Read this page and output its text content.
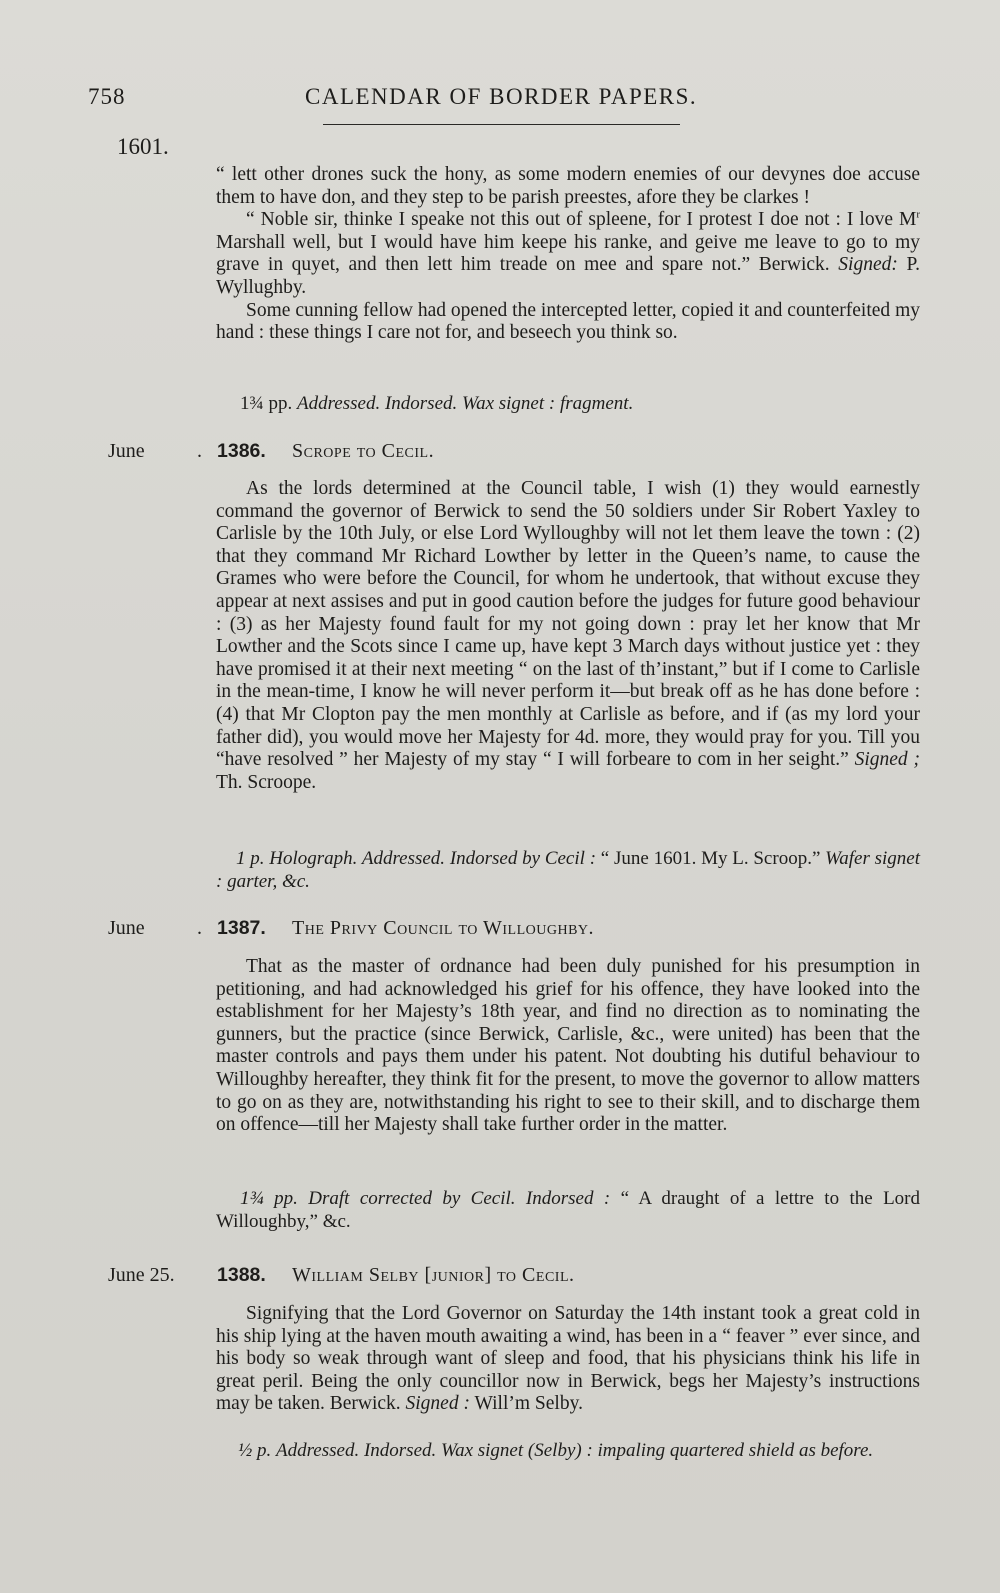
758	CALENDAR OF BORDER PAPERS.
1601.

“ lett other drones suck the hony, as some modern enemies of our devynes doe accuse them to have don, and they step to be parish preestes, afore they be clarkes !

“ Noble sir, thinke I speake not this out of spleene, for I protest I doe not : I love $M^r$ Marshall well, but I would have him keepe his ranke, and geive me leave to go to my grave in quyet, and then lett him treade on mee and spare not.” Berwick. Signed: P. Wyllughby.

Some cunning fellow had opened the intercepted letter, copied it and counterfeited my hand : these things I care not for, and beseech you think so.

1¾ pp. Addressed. Indorsed. Wax signet : fragment.
June	. 1386. Scrope to Cecil.
As the lords determined at the Council table, I wish (1) they would earnestly command the governor of Berwick to send the 50 soldiers under Sir Robert Yaxley to Carlisle by the 10th July, or else Lord Wylloughby will not let them leave the town : (2) that they command Mr Richard Lowther by letter in the Queen’s name, to cause the Grames who were before the Council, for whom he undertook, that without excuse they appear at next assises and put in good caution before the judges for future good behaviour : (3) as her Majesty found fault for my not going down : pray let her know that Mr Lowther and the Scots since I came up, have kept 3 March days without justice yet : they have promised it at their next meeting “ on the last of th’instant,” but if I come to Carlisle in the mean-time, I know he will never perform it—but break off as he has done before : (4) that Mr Clopton pay the men monthly at Carlisle as before, and if (as my lord your father did), you would move her Majesty for 4d. more, they would pray for you. Till you “have resolved ” her Majesty of my stay “ I will forbeare to com in her seight.” Signed ; Th. Scroope.
1 p. Holograph. Addressed. Indorsed by Cecil : “ June 1601. My L. Scroop.” Wafer signet : garter, &c.
June	. 1387. The Privy Council to Willoughby.
That as the master of ordnance had been duly punished for his presumption in petitioning, and had acknowledged his grief for his offence, they have looked into the establishment for her Majesty’s 18th year, and find no direction as to nominating the gunners, but the practice (since Berwick, Carlisle, &c., were united) has been that the master controls and pays them under his patent. Not doubting his dutiful behaviour to Willoughby hereafter, they think fit for the present, to move the governor to allow matters to go on as they are, notwithstanding his right to see to their skill, and to discharge them on offence—till her Majesty shall take further order in the matter.
1¾ pp. Draft corrected by Cecil. Indorsed : “ A draught of a lettre to the Lord Willoughby,” &c.
June 25. 1388. William Selby [junior] to Cecil.
Signifying that the Lord Governor on Saturday the 14th instant took a great cold in his ship lying at the haven mouth awaiting a wind, has been in a “ feaver ” ever since, and his body so weak through want of sleep and food, that his physicians think his life in great peril. Being the only councillor now in Berwick, begs her Majesty’s instructions may be taken. Berwick. Signed : Will’m Selby.
½ p. Addressed. Indorsed. Wax signet (Selby) : impaling quartered shield as before.
